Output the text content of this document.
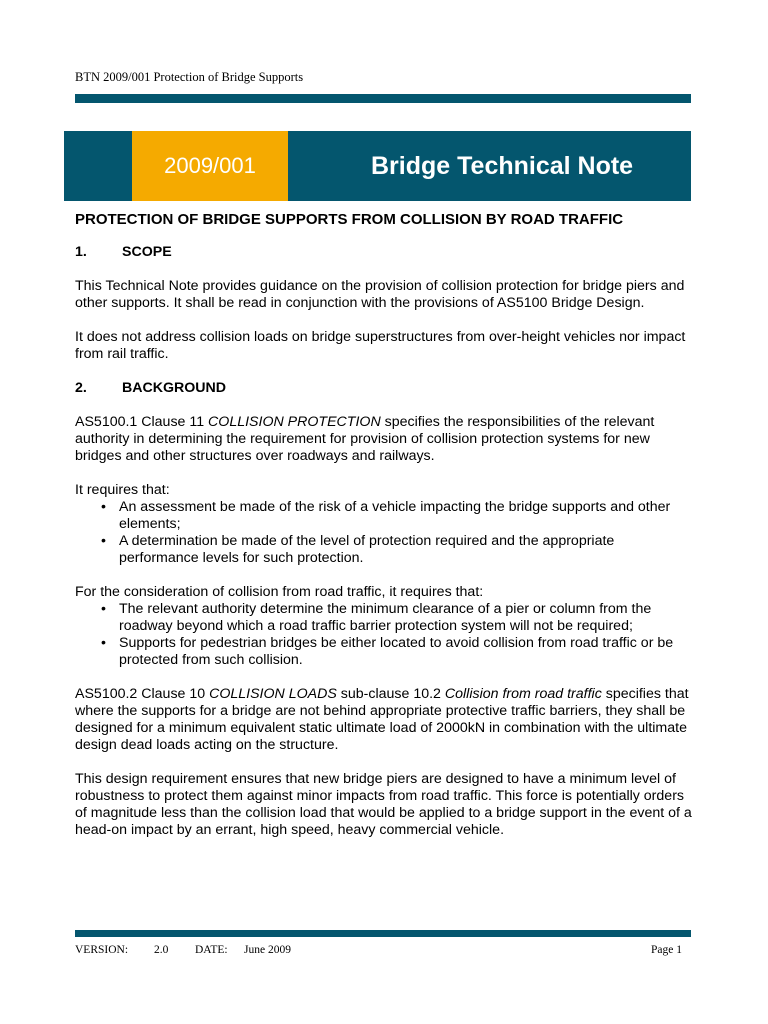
BTN 2009/001 Protection of Bridge Supports
2009/001	Bridge Technical Note
PROTECTION OF BRIDGE SUPPORTS FROM COLLISION BY ROAD TRAFFIC
1.	SCOPE

This Technical Note provides guidance on the provision of collision protection for bridge piers and other supports. It shall be read in conjunction with the provisions of AS5100 Bridge Design.

It does not address collision loads on bridge superstructures from over-height vehicles nor impact from rail traffic.

2.	BACKGROUND

AS5100.1 Clause 11 COLLISION PROTECTION specifies the responsibilities of the relevant authority in determining the requirement for provision of collision protection systems for new bridges and other structures over roadways and railways.

It requires that:

• An assessment be made of the risk of a vehicle impacting the bridge supports and other elements;
• A determination be made of the level of protection required and the appropriate performance levels for such protection.

For the consideration of collision from road traffic, it requires that:

• The relevant authority determine the minimum clearance of a pier or column from the roadway beyond which a road traffic barrier protection system will not be required;
• Supports for pedestrian bridges be either located to avoid collision from road traffic or be protected from such collision.

AS5100.2 Clause 10 COLLISION LOADS sub-clause 10.2 Collision from road traffic specifies that where the supports for a bridge are not behind appropriate protective traffic barriers, they shall be designed for a minimum equivalent static ultimate load of 2000kN in combination with the ultimate design dead loads acting on the structure.

This design requirement ensures that new bridge piers are designed to have a minimum level of robustness to protect them against minor impacts from road traffic. This force is potentially orders of magnitude less than the collision load that would be applied to a bridge support in the event of a head-on impact by an errant, high speed, heavy commercial vehicle.

VERSION: 2.0 DATE: June 2009	Page 1
